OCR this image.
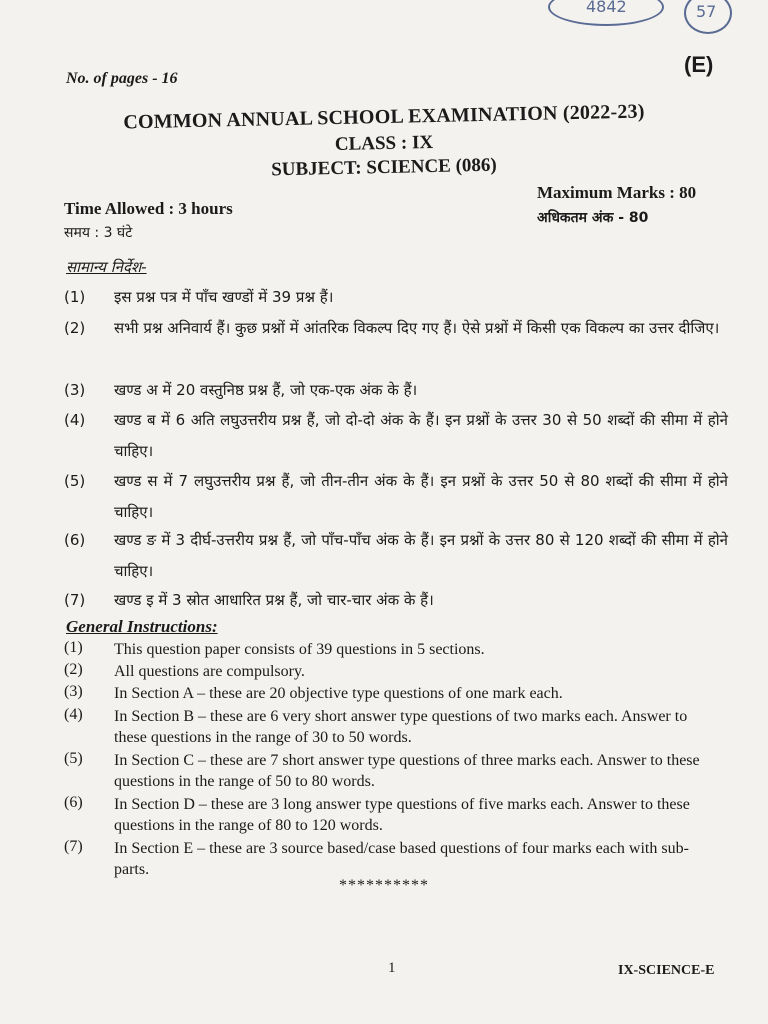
4842	57
No. of pages - 16
(E)
COMMON ANNUAL SCHOOL EXAMINATION (2022-23)
CLASS : IX
SUBJECT: SCIENCE (086)
Maximum Marks : 80
अधिकतम अंक - 80
Time Allowed : 3 hours
समय : 3 घंटे
सामान्य निर्देश-
(1)	इस प्रश्न पत्र में पाँच खण्डों में 39 प्रश्न हैं।
(2)	सभी प्रश्न अनिवार्य हैं। कुछ प्रश्नों में आंतरिक विकल्प दिए गए हैं। ऐसे प्रश्नों में किसी एक विकल्प का उत्तर दीजिए।
(3)	खण्ड अ में 20 वस्तुनिष्ठ प्रश्न हैं, जो एक-एक अंक के हैं।
(4)	खण्ड ब में 6 अति लघुउत्तरीय प्रश्न हैं, जो दो-दो अंक के हैं। इन प्रश्नों के उत्तर 30 से 50 शब्दों की सीमा में होने चाहिए।
(5)	खण्ड स में 7 लघुउत्तरीय प्रश्न हैं, जो तीन-तीन अंक के हैं। इन प्रश्नों के उत्तर 50 से 80 शब्दों की सीमा में होने चाहिए।
(6)	खण्ड ङ में 3 दीर्घ-उत्तरीय प्रश्न हैं, जो पाँच-पाँच अंक के हैं। इन प्रश्नों के उत्तर 80 से 120 शब्दों की सीमा में होने चाहिए।
(7)	खण्ड इ में 3 स्रोत आधारित प्रश्न हैं, जो चार-चार अंक के हैं।
General Instructions:
(1) This question paper consists of 39 questions in 5 sections.
(2) All questions are compulsory.
(3) In Section A – these are 20 objective type questions of one mark each.
(4) In Section B – these are 6 very short answer type questions of two marks each. Answer to these questions in the range of 30 to 50 words.
(5) In Section C – these are 7 short answer type questions of three marks each. Answer to these questions in the range of 50 to 80 words.
(6) In Section D – these are 3 long answer type questions of five marks each. Answer to these questions in the range of 80 to 120 words.
(7) In Section E – these are 3 source based/case based questions of four marks each with sub-parts.
**********
1	IX-SCIENCE-E
